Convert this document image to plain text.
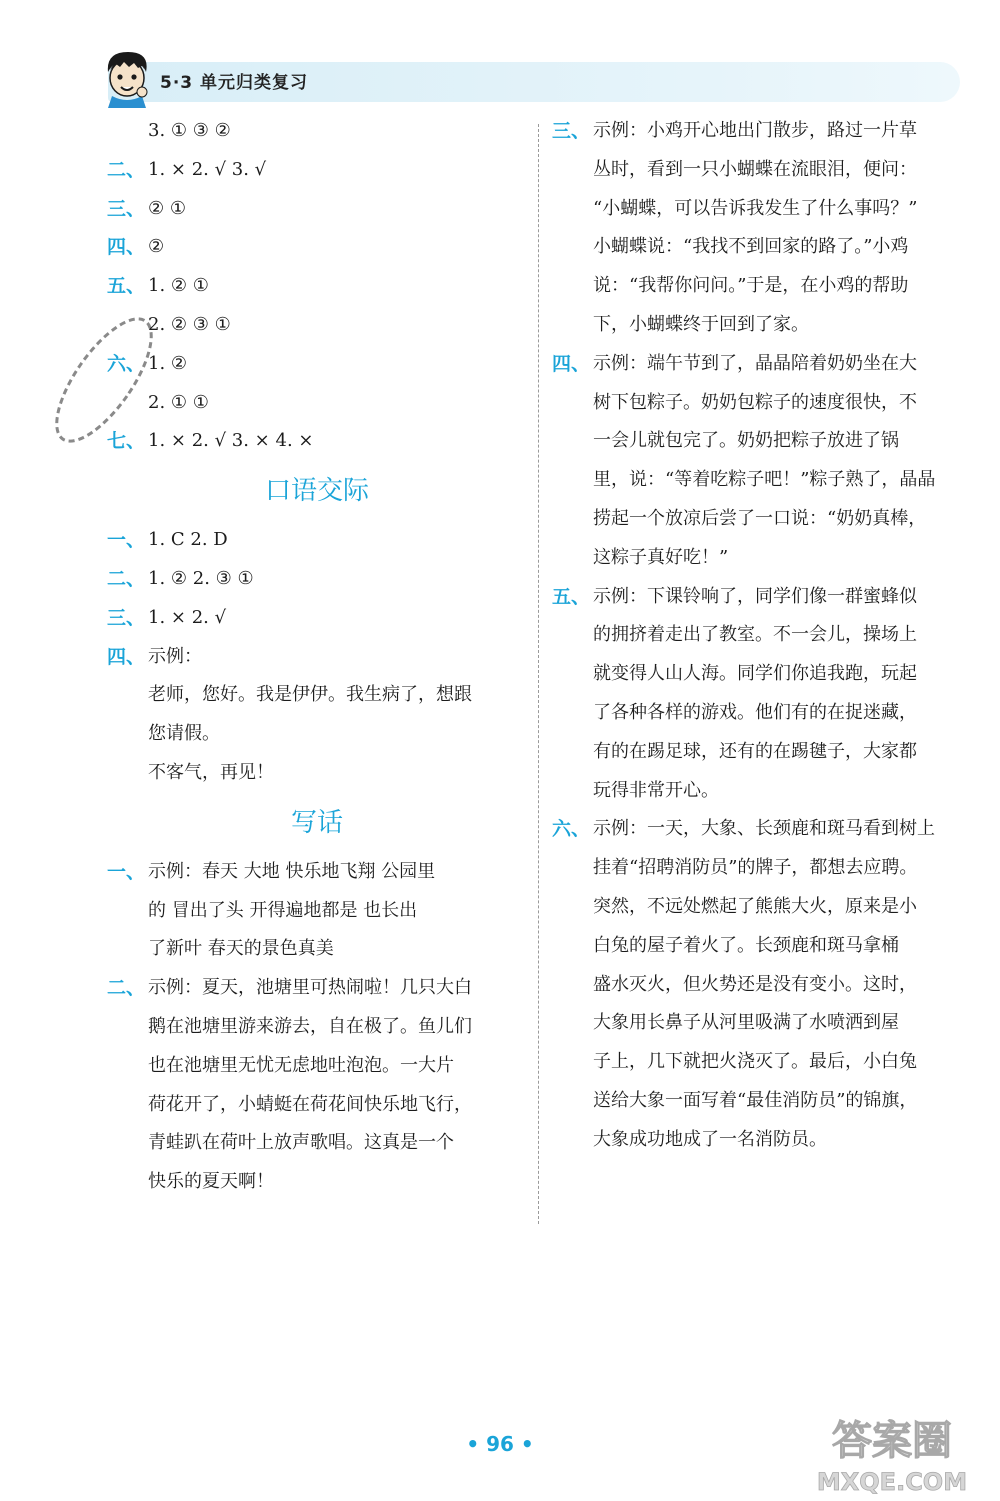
5·3 单元归类复习
3. ① ③ ②
二、 1. × 2. √ 3. √
三、 ② ①
四、 ②
五、 1. ② ①
2. ② ③ ①
六、 1. ②
2. ① ①
七、 1. × 2. √ 3. × 4. ×
口语交际
一、 1. C 2. D
二、 1. ② 2. ③ ①
三、 1. × 2. √
四、 示例：
老师，您好。我是伊伊。我生病了，想跟
您请假。
不客气，再见！
写话
一、 示例：春天 大地 快乐地飞翔 公园里
的 冒出了头 开得遍地都是 也长出
了新叶 春天的景色真美
二、 示例：夏天，池塘里可热闹啦！几只大白
鹅在池塘里游来游去，自在极了。鱼儿们
也在池塘里无忧无虑地吐泡泡。一大片
荷花开了，小蜻蜓在荷花间快乐地飞行，
青蛙趴在荷叶上放声歌唱。这真是一个
快乐的夏天啊！
三、 示例：小鸡开心地出门散步，路过一片草
丛时，看到一只小蝴蝶在流眼泪，便问：
“小蝴蝶，可以告诉我发生了什么事吗？”
小蝴蝶说：“我找不到回家的路了。”小鸡
说：“我帮你问问。”于是，在小鸡的帮助
下，小蝴蝶终于回到了家。
四、 示例：端午节到了，晶晶陪着奶奶坐在大
树下包粽子。奶奶包粽子的速度很快，不
一会儿就包完了。奶奶把粽子放进了锅
里，说：“等着吃粽子吧！”粽子熟了，晶晶
捞起一个放凉后尝了一口说：“奶奶真棒，
这粽子真好吃！”
五、 示例：下课铃响了，同学们像一群蜜蜂似
的拥挤着走出了教室。不一会儿，操场上
就变得人山人海。同学们你追我跑，玩起
了各种各样的游戏。他们有的在捉迷藏，
有的在踢足球，还有的在踢毽子，大家都
玩得非常开心。
六、 示例：一天，大象、长颈鹿和斑马看到树上
挂着“招聘消防员”的牌子，都想去应聘。
突然，不远处燃起了熊熊大火，原来是小
白兔的屋子着火了。长颈鹿和斑马拿桶
盛水灭火，但火势还是没有变小。这时，
大象用长鼻子从河里吸满了水喷洒到屋
子上，几下就把火浇灭了。最后，小白兔
送给大象一面写着“最佳消防员”的锦旗，
大象成功地成了一名消防员。
• 96 •	答案圈
MXQE.COM
